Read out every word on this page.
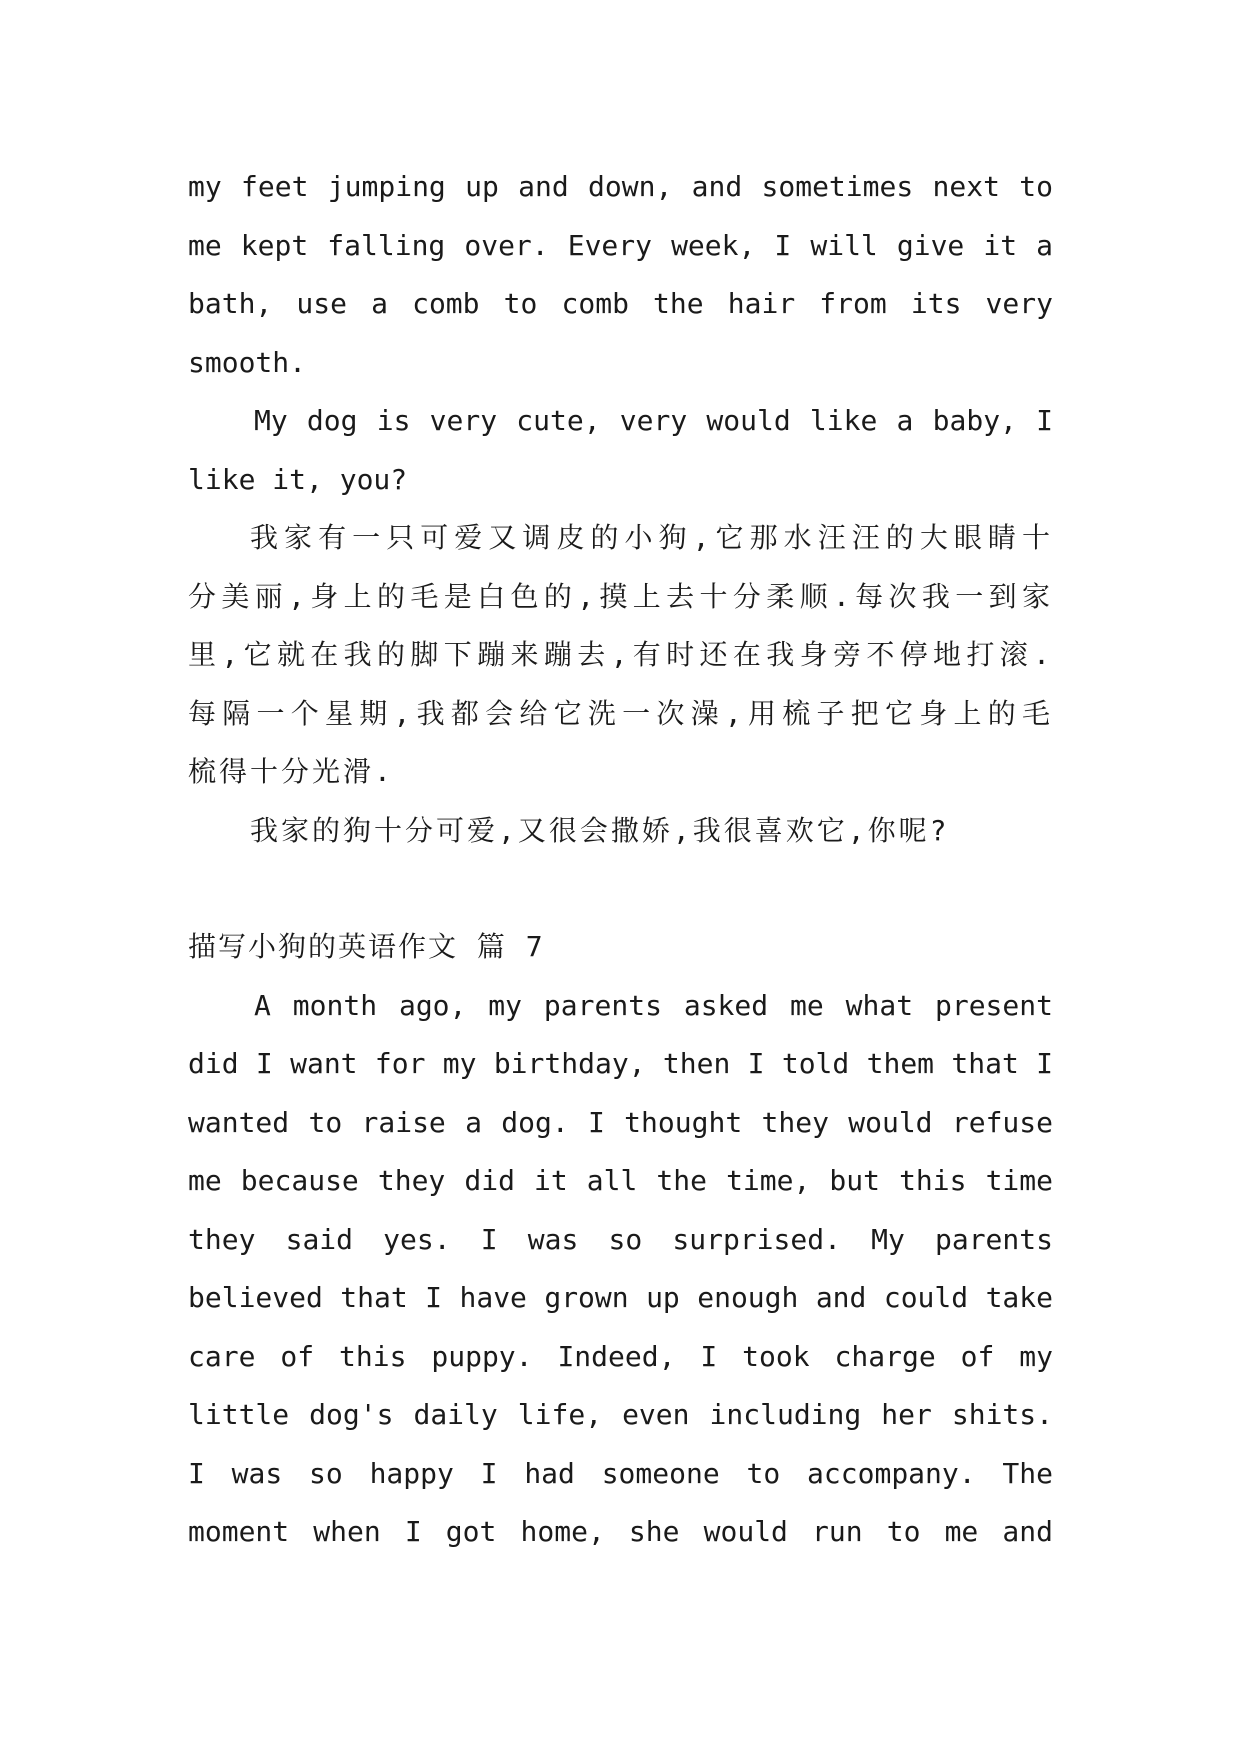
my feet jumping up and down, and sometimes next to
me kept falling over. Every week, I will give it a
bath, use a comb to comb the hair from its very
smooth.
My dog is very cute, very would like a baby, I
like it, you?
我家有一只可爱又调皮的小狗,它那水汪汪的大眼睛十
分美丽,身上的毛是白色的,摸上去十分柔顺.每次我一到家
里,它就在我的脚下蹦来蹦去,有时还在我身旁不停地打滚.
每隔一个星期,我都会给它洗一次澡,用梳子把它身上的毛
梳得十分光滑.
我家的狗十分可爱,又很会撒娇,我很喜欢它,你呢?
描写小狗的英语作文 篇 7
A month ago, my parents asked me what present
did I want for my birthday, then I told them that I
wanted to raise a dog. I thought they would refuse
me because they did it all the time, but this time
they said yes. I was so surprised. My parents
believed that I have grown up enough and could take
care of this puppy. Indeed, I took charge of my
little dog's daily life, even including her shits.
I was so happy I had someone to accompany. The
moment when I got home, she would run to me and
